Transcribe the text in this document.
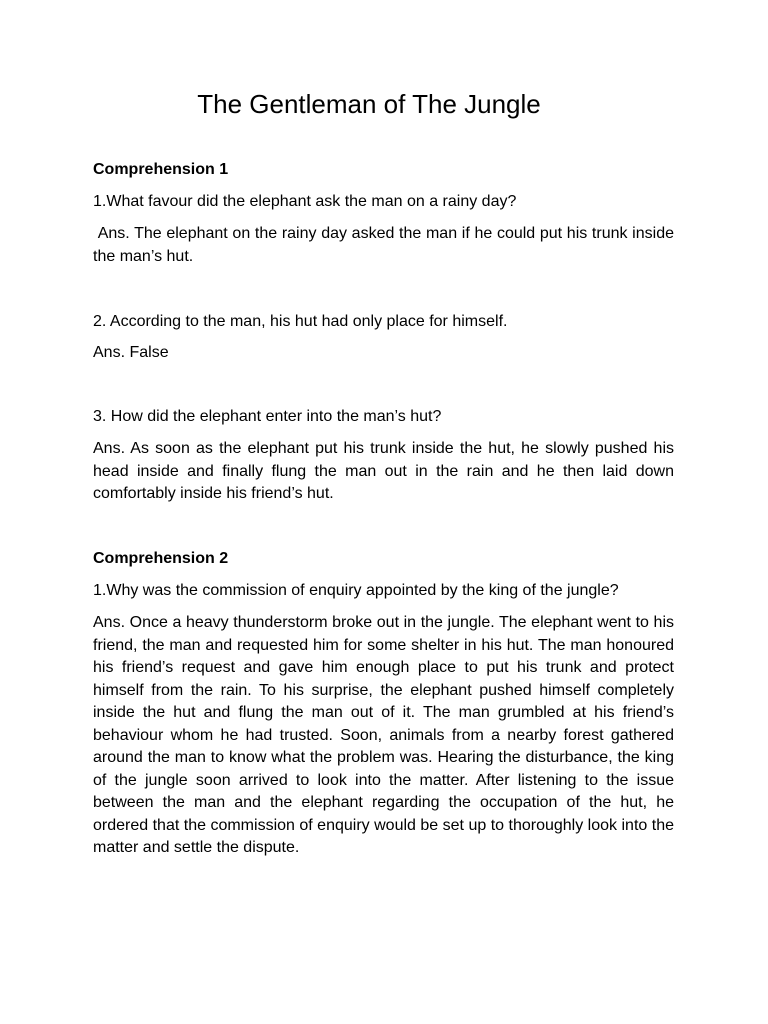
The Gentleman of The Jungle

Comprehension 1

1.What favour did the elephant ask the man on a rainy day?

Ans. The elephant on the rainy day asked the man if he could put his trunk inside the man’s hut.

2. According to the man, his hut had only place for himself.

Ans. False

3. How did the elephant enter into the man’s hut?

Ans. As soon as the elephant put his trunk inside the hut, he slowly pushed his head inside and finally flung the man out in the rain and he then laid down comfortably inside his friend’s hut.

Comprehension 2

1.Why was the commission of enquiry appointed by the king of the jungle?

Ans. Once a heavy thunderstorm broke out in the jungle. The elephant went to his friend, the man and requested him for some shelter in his hut. The man honoured his friend’s request and gave him enough place to put his trunk and protect himself from the rain. To his surprise, the elephant pushed himself completely inside the hut and flung the man out of it. The man grumbled at his friend’s behaviour whom he had trusted. Soon, animals from a nearby forest gathered around the man to know what the problem was. Hearing the disturbance, the king of the jungle soon arrived to look into the matter. After listening to the issue between the man and the elephant regarding the occupation of the hut, he ordered that the commission of enquiry would be set up to thoroughly look into the matter and settle the dispute.
